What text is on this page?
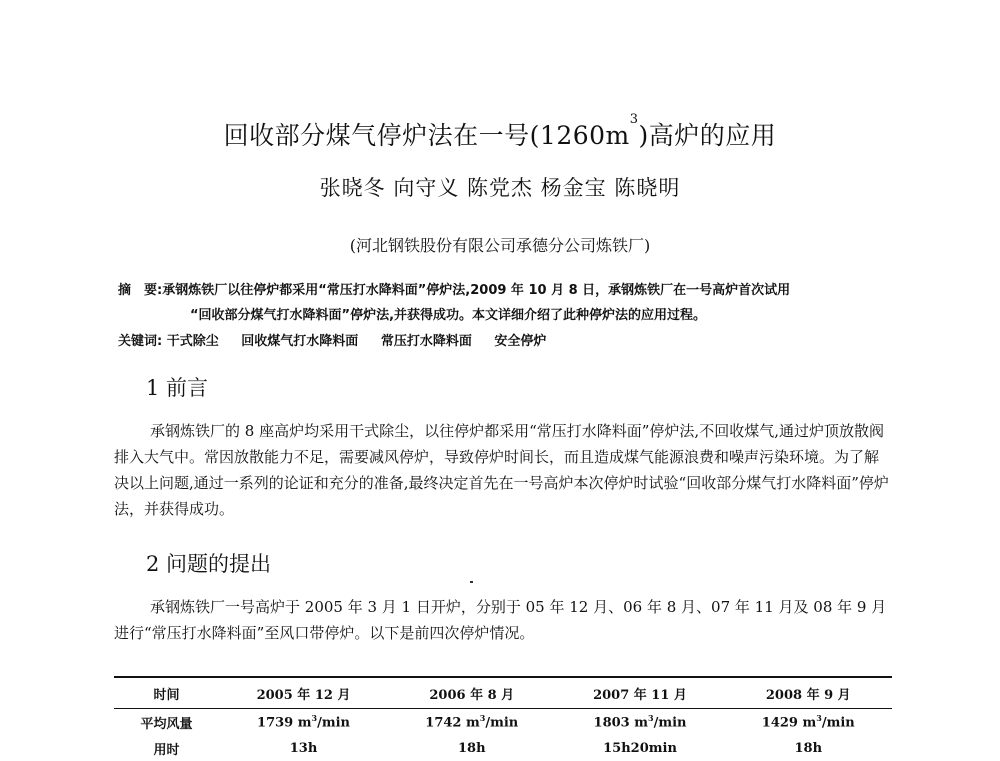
回收部分煤气停炉法在一号$(1260m^3)$高炉的应用
张晓冬 向守义 陈党杰 杨金宝 陈晓明
(河北钢铁股份有限公司承德分公司炼铁厂)
摘　要:承钢炼铁厂以往停炉都采用“常压打水降料面”停炉法,2009 年 10 月 8 日，承钢炼铁厂在一号高炉首次试用
“回收部分煤气打水降料面”停炉法,并获得成功。本文详细介绍了此种停炉法的应用过程。
关键词: 干式除尘 回收煤气打水降料面 常压打水降料面 安全停炉
1 前言
承钢炼铁厂的 8 座高炉均采用干式除尘，以往停炉都采用“常压打水降料面”停炉法,不回收煤气,通过炉顶放散阀排入大气中。常因放散能力不足，需要减风停炉，导致停炉时间长，而且造成煤气能源浪费和噪声污染环境。为了解决以上问题,通过一系列的论证和充分的准备,最终决定首先在一号高炉本次停炉时试验“回收部分煤气打水降料面”停炉法，并获得成功。
2 问题的提出
承钢炼铁厂一号高炉于 2005 年 3 月 1 日开炉，分别于 05 年 12 月、06 年 8 月、07 年 11 月及 08 年 9 月进行“常压打水降料面”至风口带停炉。以下是前四次停炉情况。
时间	2005 年 12 月	2006 年 8 月	2007 年 11 月	2008 年 9 月
平均风量	1739 $m^3/\min$	1742 $m^3/\min$	1803 $m^3/\min$	1429 $m^3/\min$
用时	13h	18h	15h20min	18h
